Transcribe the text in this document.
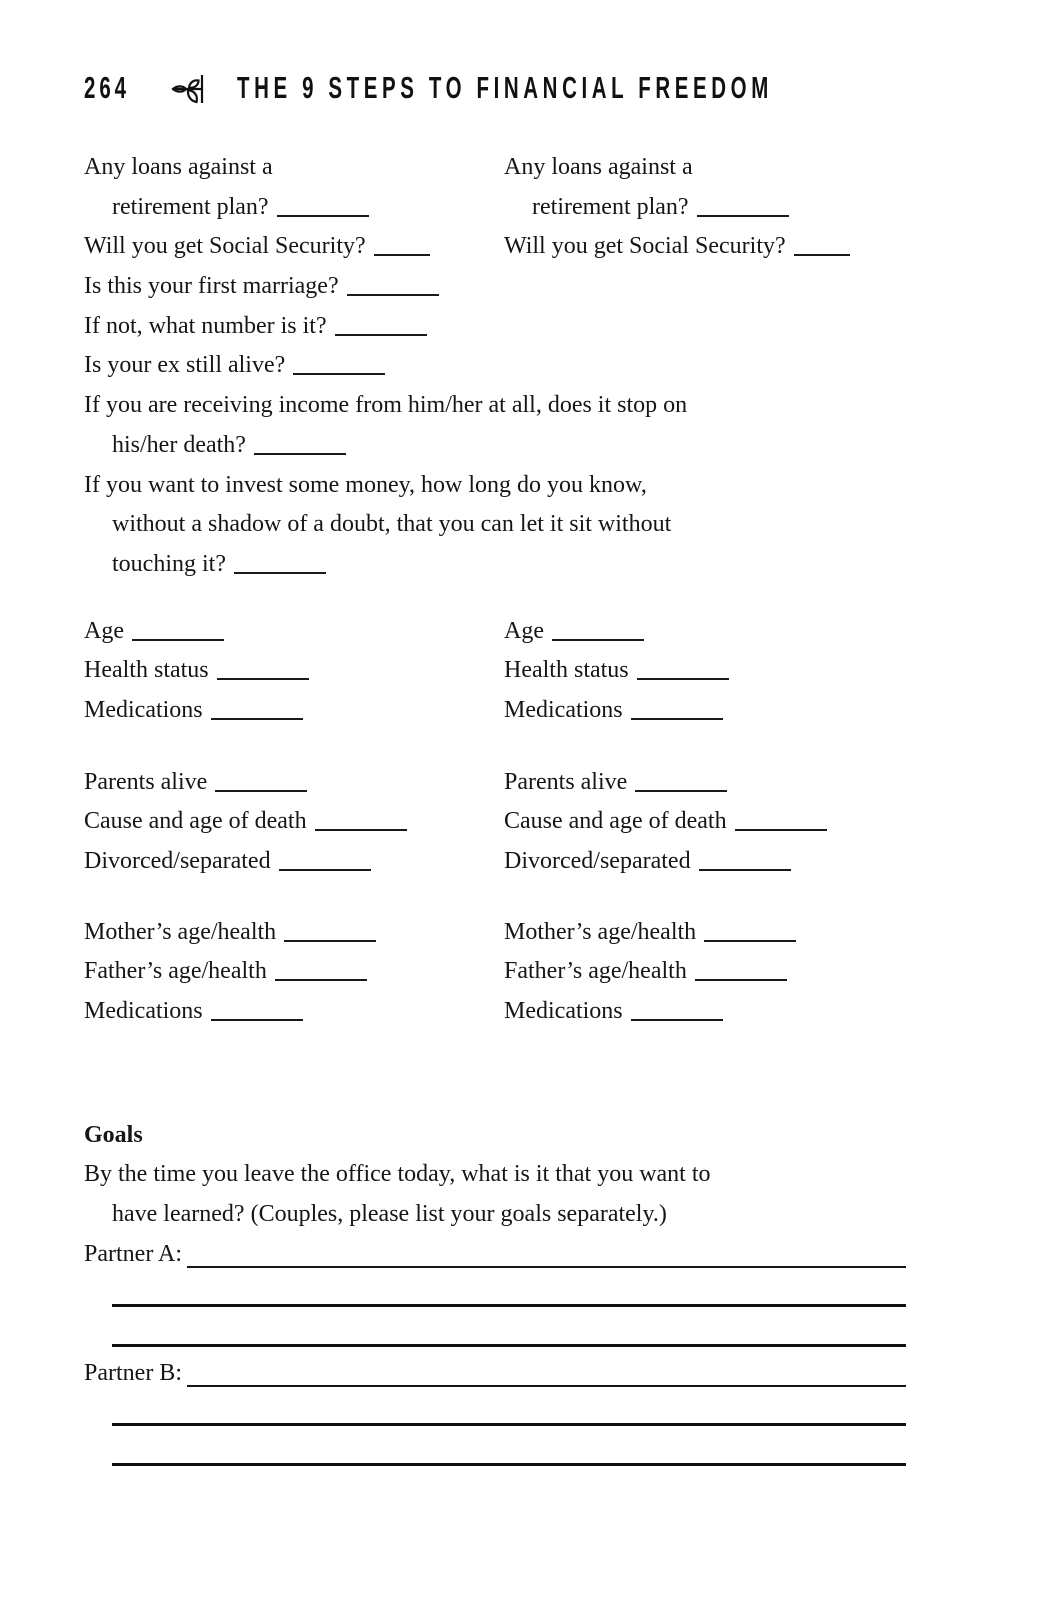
264	THE 9 STEPS TO FINANCIAL FREEDOM
Any loans against a
retirement plan?
Will you get Social Security?
Any loans against a
retirement plan?
Will you get Social Security?
Is this your first marriage?
If not, what number is it?
Is your ex still alive?
If you are receiving income from him/her at all, does it stop on
his/her death?
If you want to invest some money, how long do you know,
without a shadow of a doubt, that you can let it sit without
touching it?
Age
Health status
Medications
Age
Health status
Medications
Parents alive
Cause and age of death
Divorced/separated
Parents alive
Cause and age of death
Divorced/separated
Mother’s age/health
Father’s age/health
Medications
Mother’s age/health
Father’s age/health
Medications
Goals
By the time you leave the office today, what is it that you want to
have learned? (Couples, please list your goals separately.)
Partner A:
Partner B:
